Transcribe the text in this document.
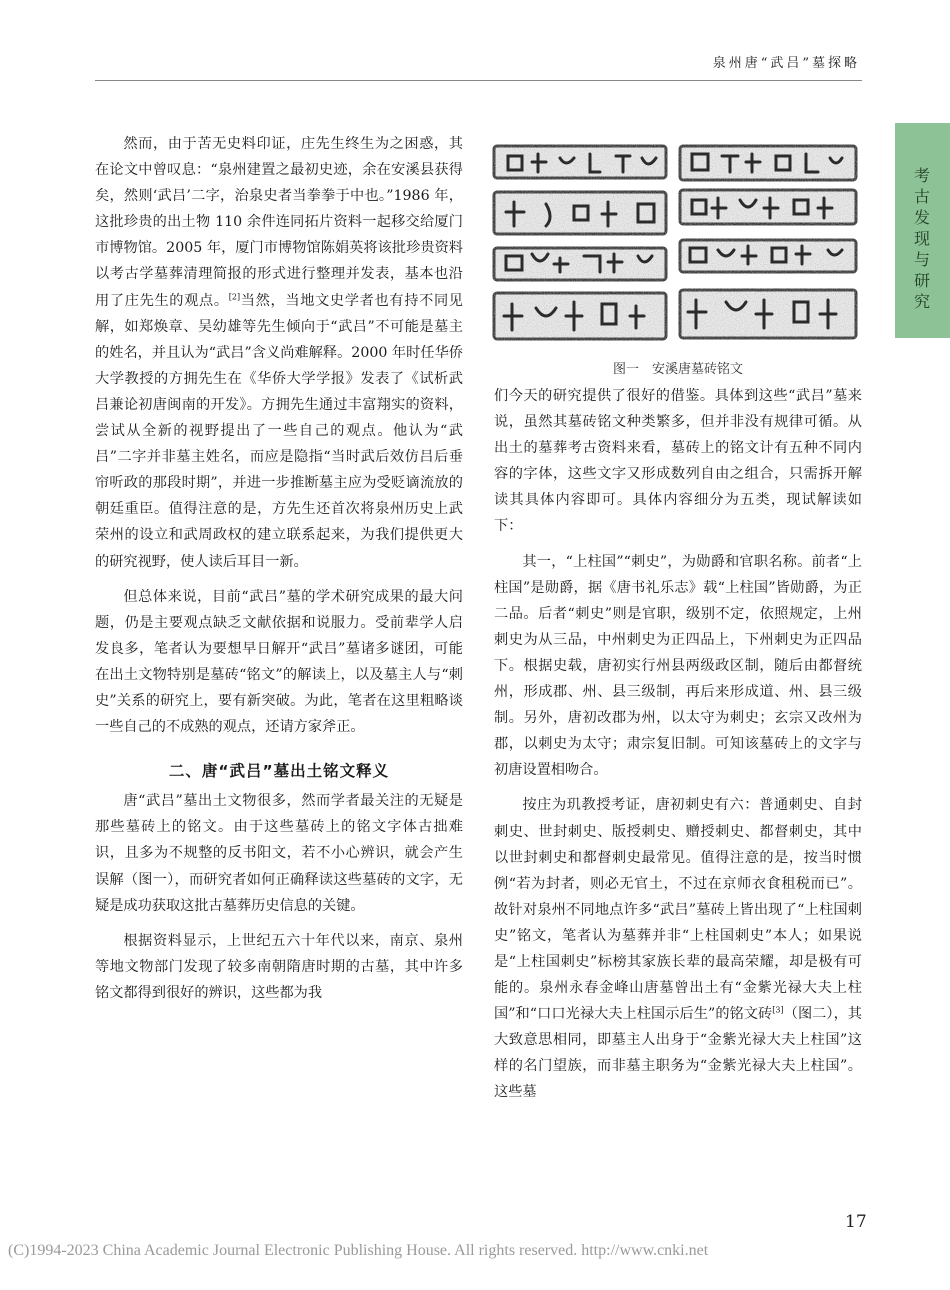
泉州唐“武吕”墓探略
考古发现与研究

然而，由于苦无史料印证，庄先生终生为之困惑，其在论文中曾叹息：“泉州建置之最初史迹，余在安溪县获得矣，然则‘武吕’二字，治泉史者当拳拳于中也。”1986 年，这批珍贵的出土物 110 余件连同拓片资料一起移交给厦门市博物馆。2005 年，厦门市博物馆陈娟英将该批珍贵资料以考古学墓葬清理简报的形式进行整理并发表，基本也沿用了庄先生的观点。[2]当然，当地文史学者也有持不同见解，如郑焕章、吴幼雄等先生倾向于“武吕”不可能是墓主的姓名，并且认为“武吕”含义尚难解释。2000 年时任华侨大学教授的方拥先生在《华侨大学学报》发表了《试析武吕兼论初唐闽南的开发》。方拥先生通过丰富翔实的资料，尝试从全新的视野提出了一些自己的观点。他认为“武吕”二字并非墓主姓名，而应是隐指“当时武后效仿吕后垂帘听政的那段时期”，并进一步推断墓主应为受贬谪流放的朝廷重臣。值得注意的是，方先生还首次将泉州历史上武荣州的设立和武周政权的建立联系起来，为我们提供更大的研究视野，使人读后耳目一新。

但总体来说，目前“武吕”墓的学术研究成果的最大问题，仍是主要观点缺乏文献依据和说服力。受前辈学人启发良多，笔者认为要想早日解开“武吕”墓诸多谜团，可能在出土文物特别是墓砖“铭文”的解读上，以及墓主人与“刺史”关系的研究上，要有新突破。为此，笔者在这里粗略谈一些自己的不成熟的观点，还请方家斧正。

二、唐“武吕”墓出土铭文释义

唐“武吕”墓出土文物很多，然而学者最关注的无疑是那些墓砖上的铭文。由于这些墓砖上的铭文字体古拙难识，且多为不规整的反书阳文，若不小心辨识，就会产生误解（图一），而研究者如何正确释读这些墓砖的文字，无疑是成功获取这批古墓葬历史信息的关键。

根据资料显示，上世纪五六十年代以来，南京、泉州等地文物部门发现了较多南朝隋唐时期的古墓，其中许多铭文都得到很好的辨识，这些都为我

图一　安溪唐墓砖铭文

们今天的研究提供了很好的借鉴。具体到这些“武吕”墓来说，虽然其墓砖铭文种类繁多，但并非没有规律可循。从出土的墓葬考古资料来看，墓砖上的铭文计有五种不同内容的字体，这些文字又形成数列自由之组合，只需拆开解读其具体内容即可。具体内容细分为五类，现试解读如下：

其一，“上柱国”“刺史”，为勋爵和官职名称。前者“上柱国”是勋爵，据《唐书礼乐志》载“上柱国”皆勋爵，为正二品。后者“刺史”则是官职，级别不定，依照规定，上州刺史为从三品，中州刺史为正四品上，下州刺史为正四品下。根据史载，唐初实行州县两级政区制，随后由都督统州，形成郡、州、县三级制，再后来形成道、州、县三级制。另外，唐初改郡为州，以太守为刺史；玄宗又改州为郡，以刺史为太守；肃宗复旧制。可知该墓砖上的文字与初唐设置相吻合。

按庄为玑教授考证，唐初刺史有六：普通刺史、自封刺史、世封刺史、版授刺史、赠授刺史、都督刺史，其中以世封刺史和都督刺史最常见。值得注意的是，按当时惯例“若为封者，则必无官土，不过在京师衣食租税而已”。故针对泉州不同地点许多“武吕”墓砖上皆出现了“上柱国刺史”铭文，笔者认为墓葬并非“上柱国刺史”本人；如果说是“上柱国刺史”标榜其家族长辈的最高荣耀，却是极有可能的。泉州永春金峰山唐墓曾出土有“金紫光禄大夫上柱国”和“口口光禄大夫上柱国示后生”的铭文砖[3]（图二），其大致意思相同，即墓主人出身于“金紫光禄大夫上柱国”这样的名门望族，而非墓主职务为“金紫光禄大夫上柱国”。这些墓

17
(C)1994-2023 China Academic Journal Electronic Publishing House. All rights reserved. http://www.cnki.net
